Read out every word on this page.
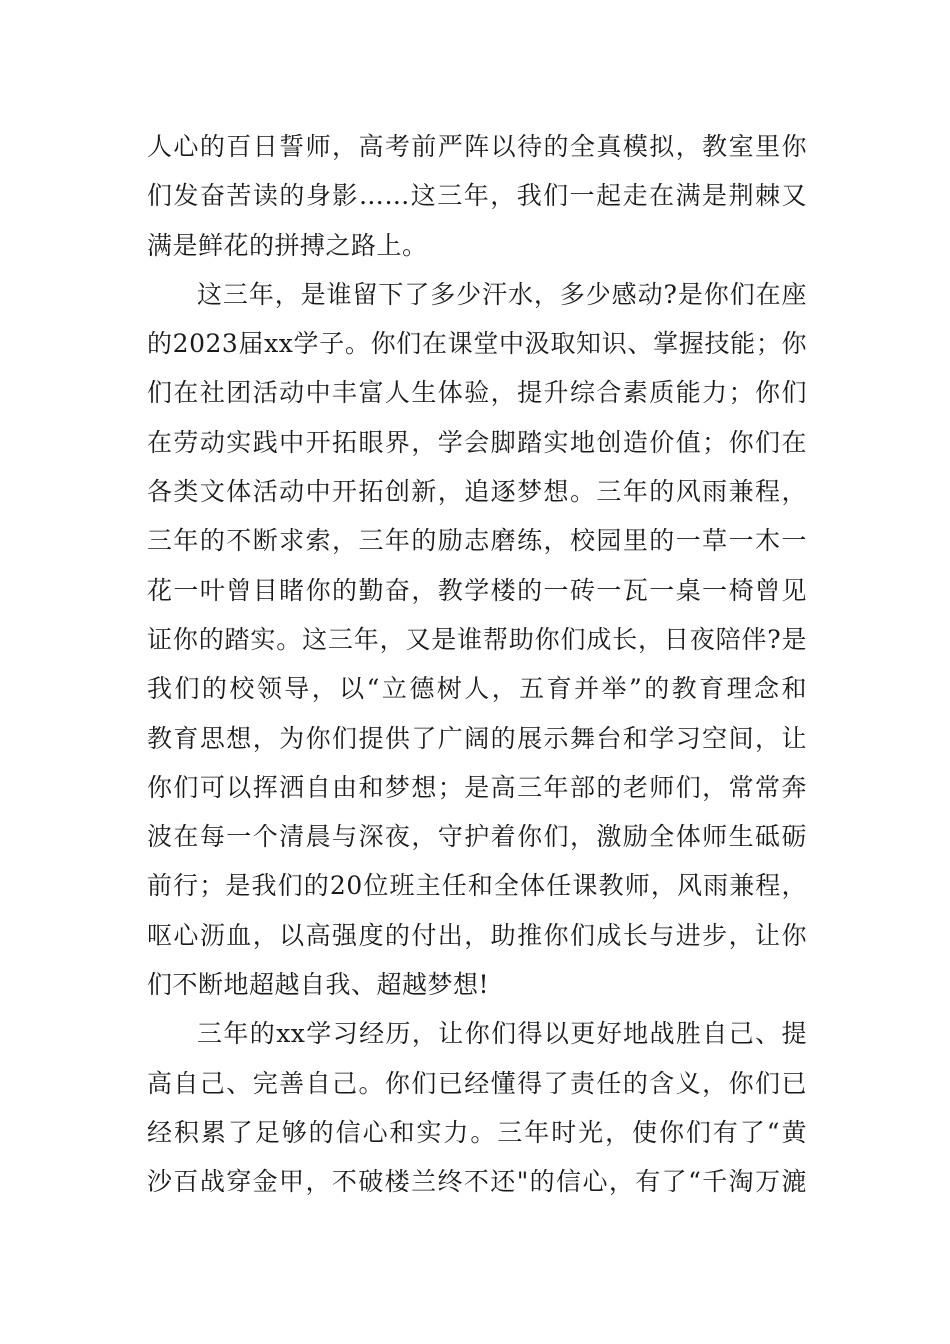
人心的百日誓师，高考前严阵以待的全真模拟，教室里你
们发奋苦读的身影……这三年，我们一起走在满是荆棘又
满是鲜花的拼搏之路上。
这三年，是谁留下了多少汗水，多少感动?是你们在座
的2023届xx学子。你们在课堂中汲取知识、掌握技能；你
们在社团活动中丰富人生体验，提升综合素质能力；你们
在劳动实践中开拓眼界，学会脚踏实地创造价值；你们在
各类文体活动中开拓创新，追逐梦想。三年的风雨兼程，
三年的不断求索，三年的励志磨练，校园里的一草一木一
花一叶曾目睹你的勤奋，教学楼的一砖一瓦一桌一椅曾见
证你的踏实。这三年，又是谁帮助你们成长，日夜陪伴?是
我们的校领导，以“立德树人，五育并举”的教育理念和
教育思想，为你们提供了广阔的展示舞台和学习空间，让
你们可以挥洒自由和梦想；是高三年部的老师们，常常奔
波在每一个清晨与深夜，守护着你们，激励全体师生砥砺
前行；是我们的20位班主任和全体任课教师，风雨兼程，
呕心沥血，以高强度的付出，助推你们成长与进步，让你
们不断地超越自我、超越梦想!
三年的xx学习经历，让你们得以更好地战胜自己、提
高自己、完善自己。你们已经懂得了责任的含义，你们已
经积累了足够的信心和实力。三年时光，使你们有了“黄
沙百战穿金甲，不破楼兰终不还"的信心，有了“千淘万漉
